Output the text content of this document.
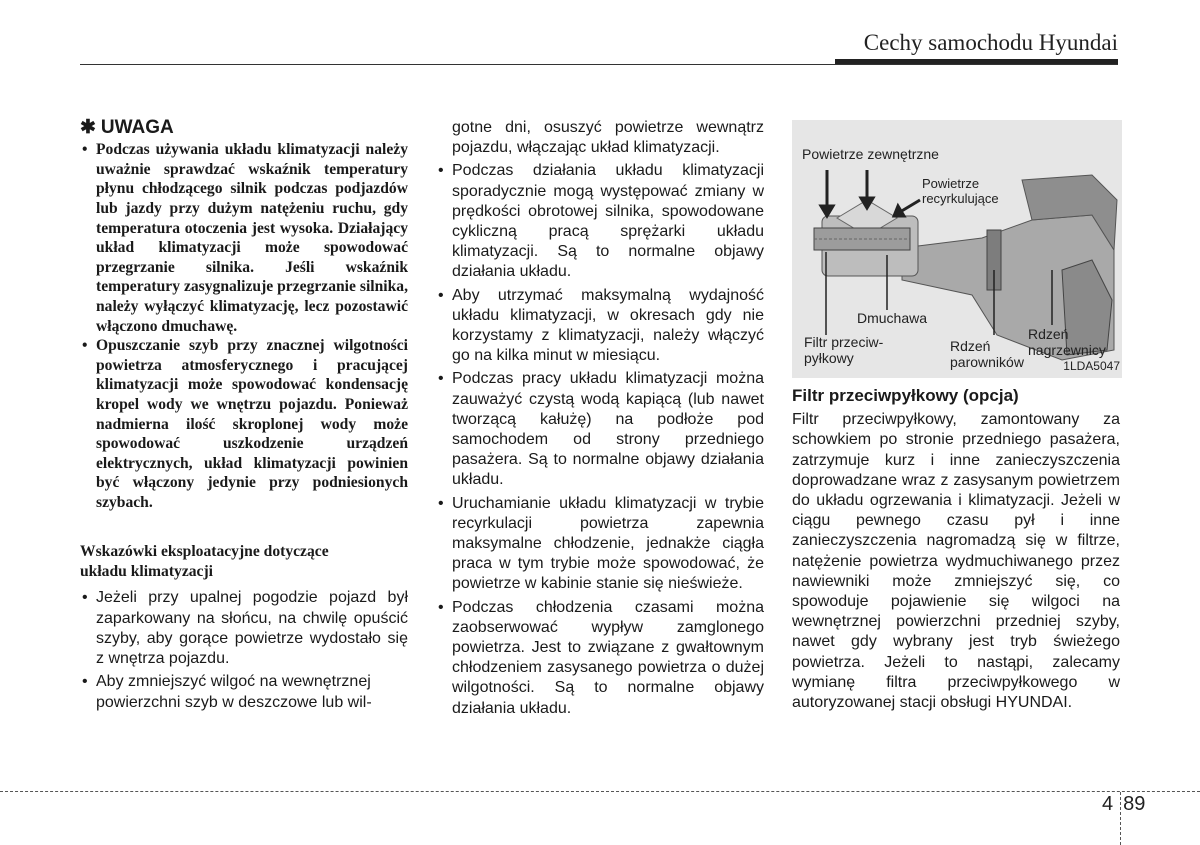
Cechy samochodu Hyundai
✱ UWAGA
• Podczas używania układu klimatyzacji należy uważnie sprawdzać wskaźnik temperatury płynu chłodzącego silnik podczas podjazdów lub jazdy przy dużym natężeniu ruchu, gdy temperatura otoczenia jest wysoka. Działający układ klimatyzacji może spowodować przegrzanie silnika. Jeśli wskaźnik temperatury zasygnalizuje przegrzanie silnika, należy wyłączyć klimatyzację, lecz pozostawić włączono dmuchawę.
• Opuszczanie szyb przy znacznej wilgotności powietrza atmosferycznego i pracującej klimatyzacji może spowodować kondensację kropel wody we wnętrzu pojazdu. Ponieważ nadmierna ilość skroplonej wody może spowodować uszkodzenie urządzeń elektrycznych, układ klimatyzacji powinien być włączony jedynie przy podniesionych szybach.
Wskazówki eksploatacyjne dotyczące
układu klimatyzacji
• Jeżeli przy upalnej pogodzie pojazd był zaparkowany na słońcu, na chwilę opuścić szyby, aby gorące powietrze wydostało się z wnętrza pojazdu.
• Aby zmniejszyć wilgoć na wewnętrznej powierzchni szyb w deszczowe lub wil-
gotne dni, osuszyć powietrze wewnątrz pojazdu, włączając układ klimatyzacji.
• Podczas działania układu klimatyzacji sporadycznie mogą występować zmiany w prędkości obrotowej silnika, spowodowane cykliczną pracą sprężarki układu klimatyzacji. Są to normalne objawy działania układu.
• Aby utrzymać maksymalną wydajność układu klimatyzacji, w okresach gdy nie korzystamy z klimatyzacji, należy włączyć go na kilka minut w miesiącu.
• Podczas pracy układu klimatyzacji można zauważyć czystą wodą kapiącą (lub nawet tworzącą kałużę) na podłoże pod samochodem od strony przedniego pasażera. Są to normalne objawy działania układu.
• Uruchamianie układu klimatyzacji w trybie recyrkulacji powietrza zapewnia maksymalne chłodzenie, jednakże ciągła praca w tym trybie może spowodować, że powietrze w kabinie stanie się nieświeże.
• Podczas chłodzenia czasami można zaobserwować wypływ zamglonego powietrza. Jest to związane z gwałtownym chłodzeniem zasysanego powietrza o dużej wilgotności. Są to normalne objawy działania układu.
Powietrze zewnętrzne
Powietrze
recyrkulujące
Dmuchawa
Filtr przeciw-
pyłkowy
Rdzeń
parowników
Rdzeń
nagrzewnicy
1LDA5047
Filtr przeciwpyłkowy (opcja)
Filtr przeciwpyłkowy, zamontowany za schowkiem po stronie przedniego pasażera, zatrzymuje kurz i inne zanieczyszczenia doprowadzane wraz z zasysanym powietrzem do układu ogrzewania i klimatyzacji. Jeżeli w ciągu pewnego czasu pył i inne zanieczyszczenia nagromadzą się w filtrze, natężenie powietrza wydmuchiwanego przez nawiewniki może zmniejszyć się, co spowoduje pojawienie się wilgoci na wewnętrznej powierzchni przedniej szyby, nawet gdy wybrany jest tryb świeżego powietrza. Jeżeli to nastąpi, zalecamy wymianę filtra przeciwpyłkowego w autoryzowanej stacji obsługi HYUNDAI.
4 89
